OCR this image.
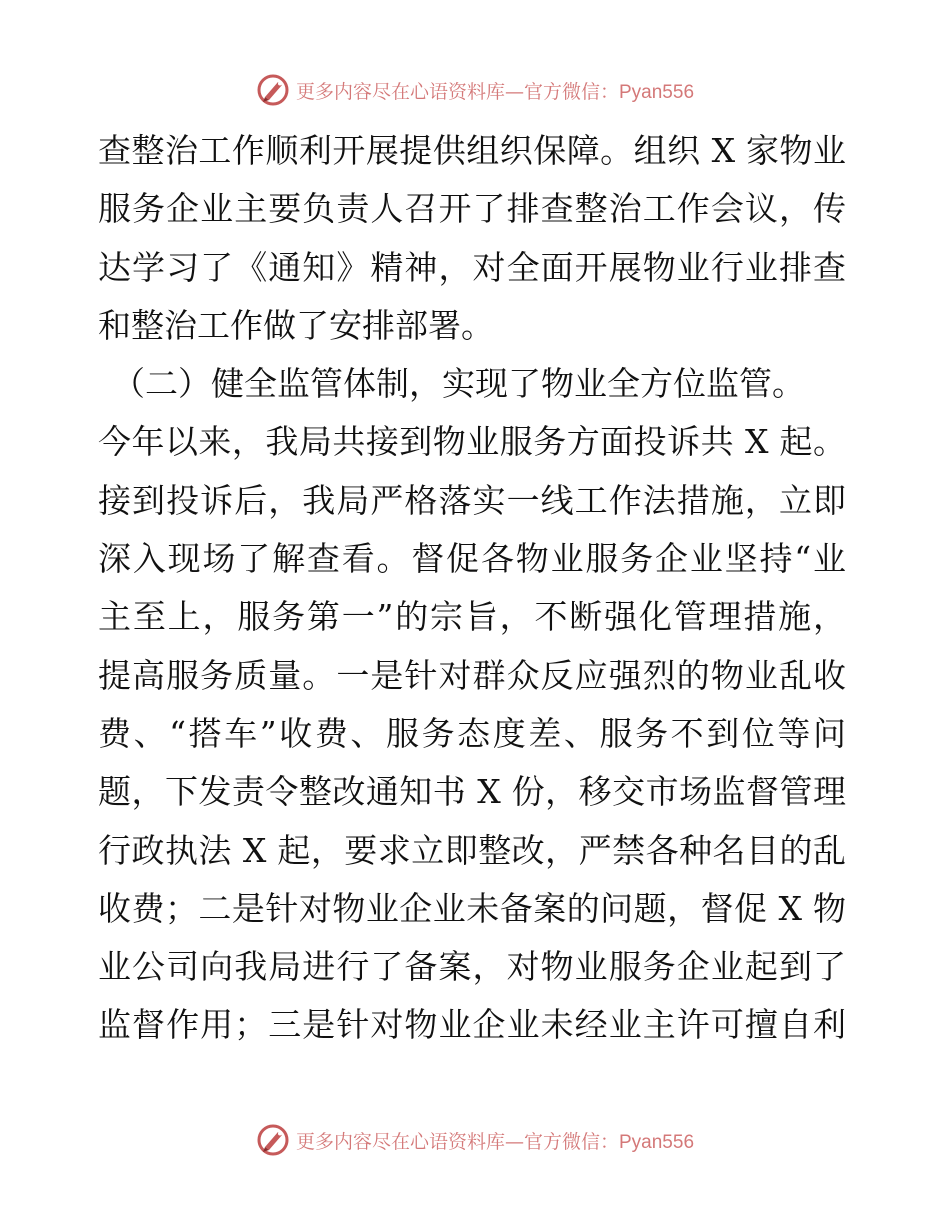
更多内容尽在心语资料库—官方微信：Pyan556
查整治工作顺利开展提供组织保障。组织 X 家物业
服务企业主要负责人召开了排查整治工作会议，传
达学习了《通知》精神，对全面开展物业行业排查
和整治工作做了安排部署。
（二）健全监管体制，实现了物业全方位监管。
今年以来，我局共接到物业服务方面投诉共 X 起。
接到投诉后，我局严格落实一线工作法措施，立即
深入现场了解查看。督促各物业服务企业坚持“业
主至上，服务第一”的宗旨，不断强化管理措施，
提高服务质量。一是针对群众反应强烈的物业乱收
费、“搭车”收费、服务态度差、服务不到位等问
题，下发责令整改通知书 X 份，移交市场监督管理
行政执法 X 起，要求立即整改，严禁各种名目的乱
收费；二是针对物业企业未备案的问题，督促 X 物
业公司向我局进行了备案，对物业服务企业起到了
监督作用；三是针对物业企业未经业主许可擅自利
更多内容尽在心语资料库—官方微信：Pyan556
